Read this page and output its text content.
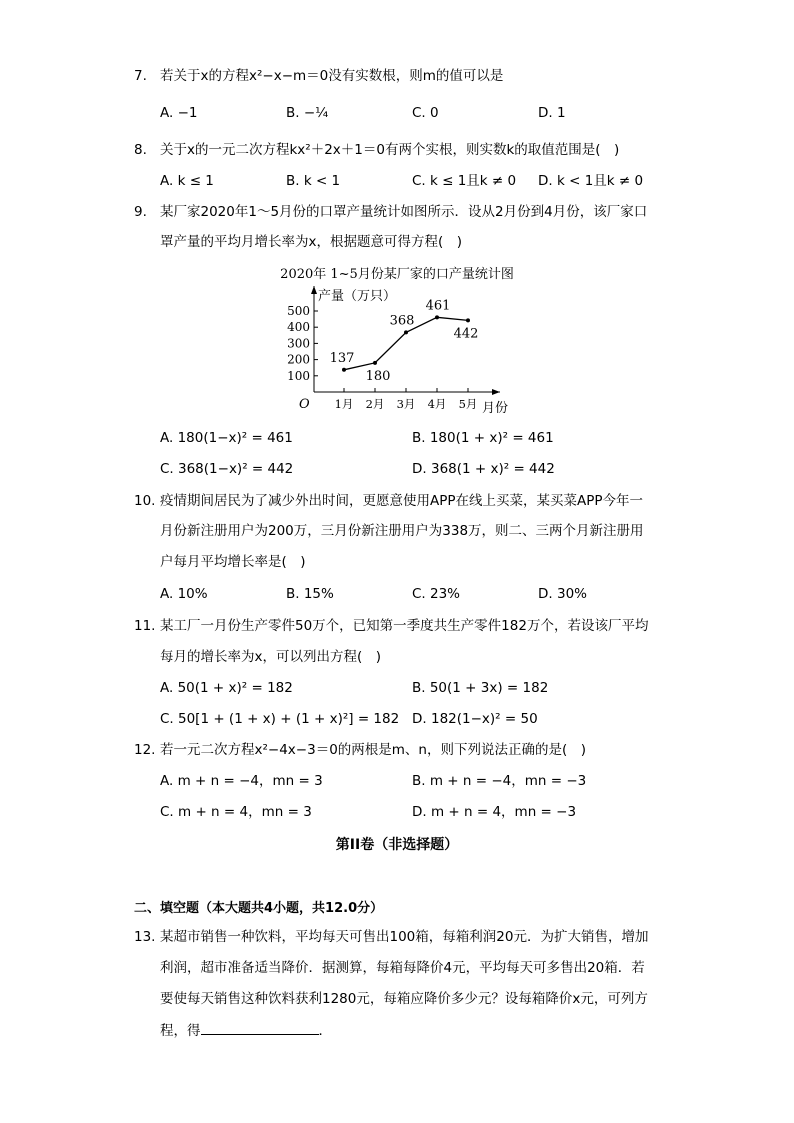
7. 若关于x的方程x²−x−m＝0没有实数根，则m的值可以是
A. −1	B. −¼	C. 0	D. 1
8. 关于x的一元二次方程kx²＋2x＋1＝0有两个实根，则实数k的取值范围是(　)
A. k ≤ 1	B. k < 1	C. k ≤ 1且k ≠ 0 D. k < 1且k ≠ 0
9. 某厂家2020年1～5月份的口罩产量统计如图所示．设从2月份到4月份，该厂家口
罩产量的平均月增长率为x，根据题意可得方程(　)
2020年 1~5月份某厂家的口产量统计图
产量（万只）
月份
O
100
200
300
400
500
1月 2月 3月 4月 5月
137
180
368
461
442
A. 180(1−x)² = 461	B. 180(1 + x)² = 461
C. 368(1−x)² = 442	D. 368(1 + x)² = 442
10. 疫情期间居民为了减少外出时间，更愿意使用APP在线上买菜，某买菜APP今年一
月份新注册用户为200万，三月份新注册用户为338万，则二、三两个月新注册用
户每月平均增长率是(　)
A. 10%	B. 15%	C. 23%	D. 30%
11. 某工厂一月份生产零件50万个，已知第一季度共生产零件182万个，若设该厂平均
每月的增长率为x，可以列出方程(　)
A. 50(1 + x)² = 182	B. 50(1 + 3x) = 182
C. 50[1 + (1 + x) + (1 + x)²] = 182 D. 182(1−x)² = 50
12. 若一元二次方程x²−4x−3＝0的两根是m、n，则下列说法正确的是(　)
A. m + n = −4，mn = 3	B. m + n = −4，mn = −3
C. m + n = 4，mn = 3	D. m + n = 4，mn = −3
第II卷（非选择题）
二、填空题（本大题共4小题，共12.0分）
13. 某超市销售一种饮料，平均每天可售出100箱，每箱利润20元．为扩大销售，增加
利润，超市准备适当降价．据测算，每箱每降价4元，平均每天可多售出20箱．若
要使每天销售这种饮料获利1280元，每箱应降价多少元？设每箱降价x元，可列方
程，得	．
